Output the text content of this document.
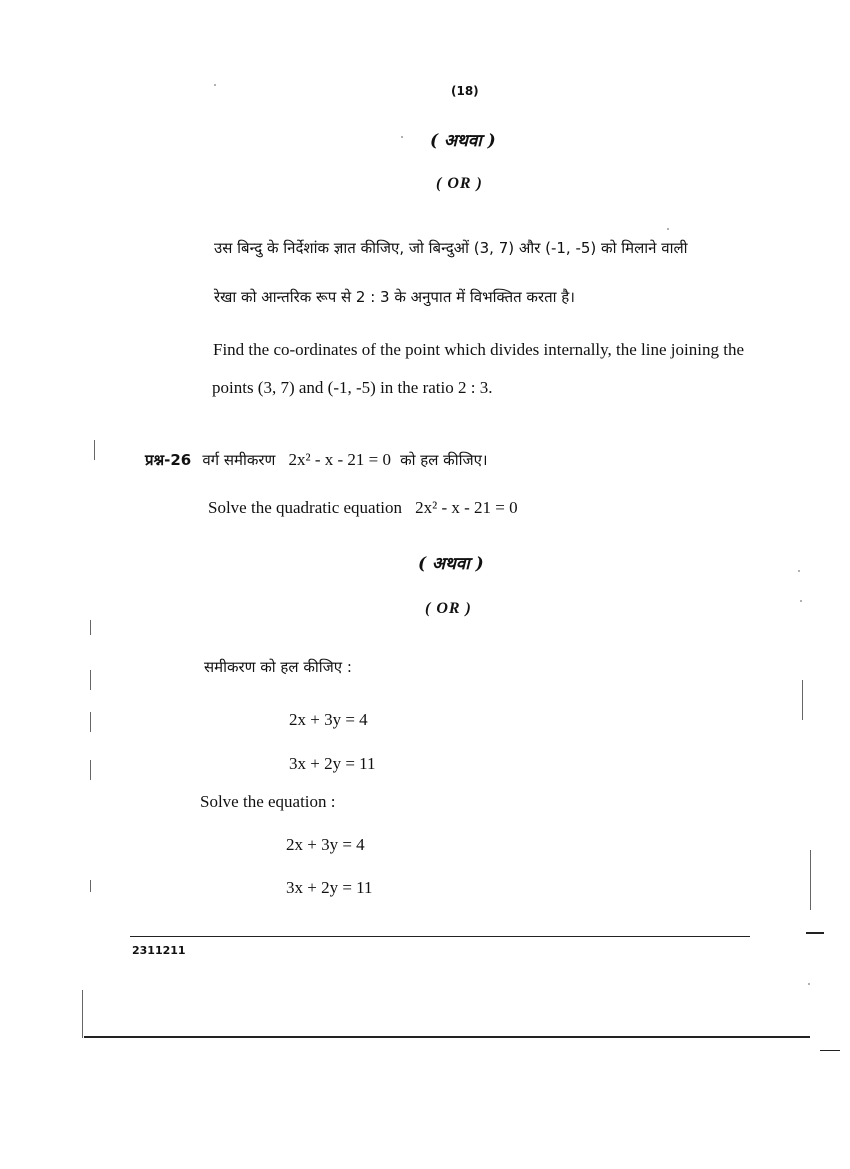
(18)
( अथवा )
( OR )
उस बिन्दु के निर्देशांक ज्ञात कीजिए, जो बिन्दुओं (3, 7) और (-1, -5) को मिलाने वाली
रेखा को आन्तरिक रूप से 2 : 3 के अनुपात में विभक्तित करता है।
Find the co-ordinates of the point which divides internally, the line joining the
points (3, 7) and (-1, -5) in the ratio 2 : 3.
प्रश्न-26 वर्ग समीकरण 2x² - x - 21 = 0 को हल कीजिए।
Solve the quadratic equation 2x² - x - 21 = 0
( अथवा )
( OR )
समीकरण को हल कीजिए :
2x + 3y = 4
3x + 2y = 11
Solve the equation :
2x + 3y = 4
3x + 2y = 11
2311211
